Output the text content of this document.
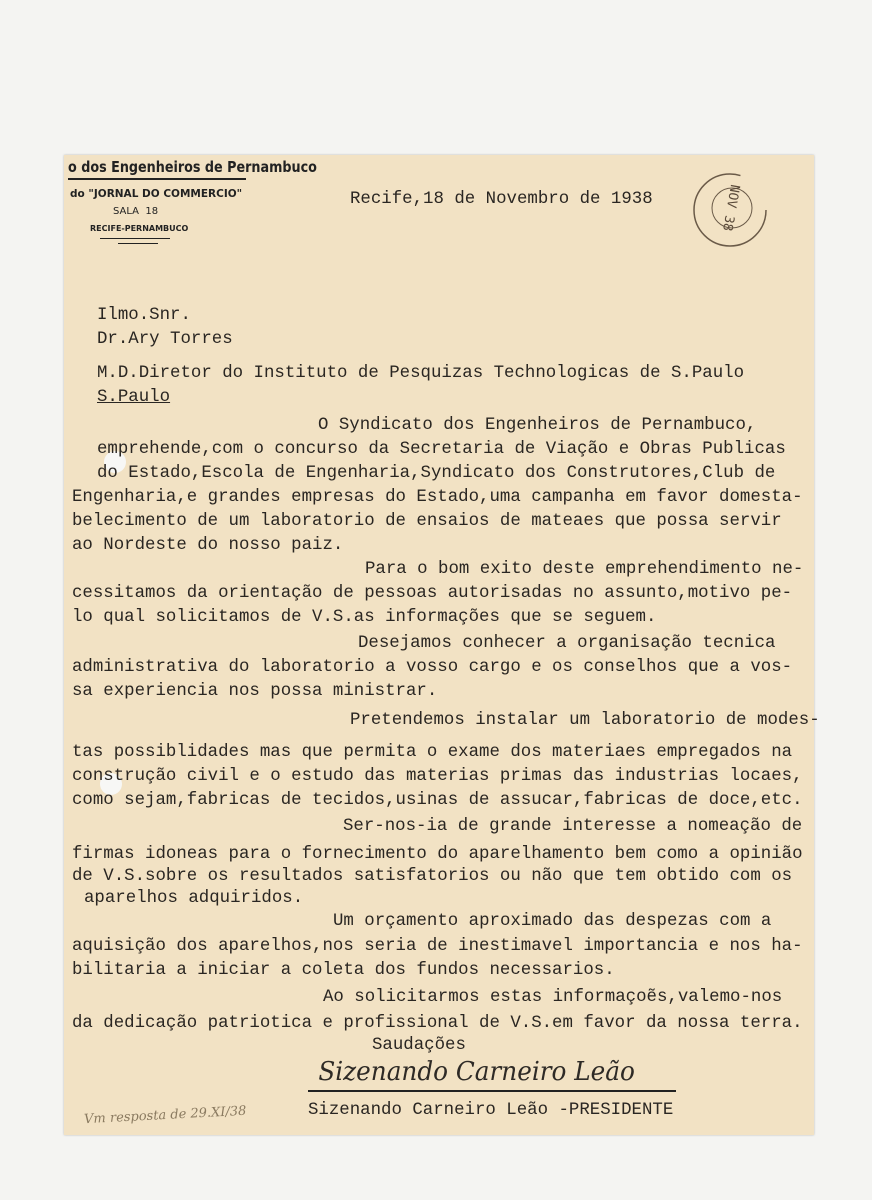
o dos Engenheiros de Pernambuco
do "JORNAL DO COMMERCIO"
SALA  18
RECIFE-PERNAMBUCO	NOV 38
Recife,18 de Novembro de 1938
Ilmo.Snr.
Dr.Ary Torres
M.D.Diretor do Instituto de Pesquizas Technologicas de S.Paulo
S.Paulo
O Syndicato dos Engenheiros de Pernambuco,
emprehende,com o concurso da Secretaria de Viação e Obras Publicas
do Estado,Escola de Engenharia,Syndicato dos Construtores,Club de
Engenharia,e grandes empresas do Estado,uma campanha em favor domesta-
belecimento de um laboratorio de ensaios de mateaes que possa servir
ao Nordeste do nosso paiz.
Para o bom exito deste emprehendimento ne-
cessitamos da orientação de pessoas autorisadas no assunto,motivo pe-
lo qual solicitamos de V.S.as informações que se seguem.
Desejamos conhecer a organisação tecnica
administrativa do laboratorio a vosso cargo e os conselhos que a vos-
sa experiencia nos possa ministrar.
Pretendemos instalar um laboratorio de modes-
tas possiblidades mas que permita o exame dos materiaes empregados na
construção civil e o estudo das materias primas das industrias locaes,
como sejam,fabricas de tecidos,usinas de assucar,fabricas de doce,etc.
Ser-nos-ia de grande interesse a nomeação de
firmas idoneas para o fornecimento do aparelhamento bem como a opinião
de V.S.sobre os resultados satisfatorios ou não que tem obtido com os
aparelhos adquiridos.
Um orçamento aproximado das despezas com a
aquisição dos aparelhos,nos seria de inestimavel importancia e nos ha-
bilitaria a iniciar a coleta dos fundos necessarios.
Ao solicitarmos estas informaçoẽs,valemo-nos
da dedicação patriotica e profissional de V.S.em favor da nossa terra.
Saudações
Sizenando Carneiro Leão
Sizenando Carneiro Leão -PRESIDENTE
Vm resposta de 29.XI/38
